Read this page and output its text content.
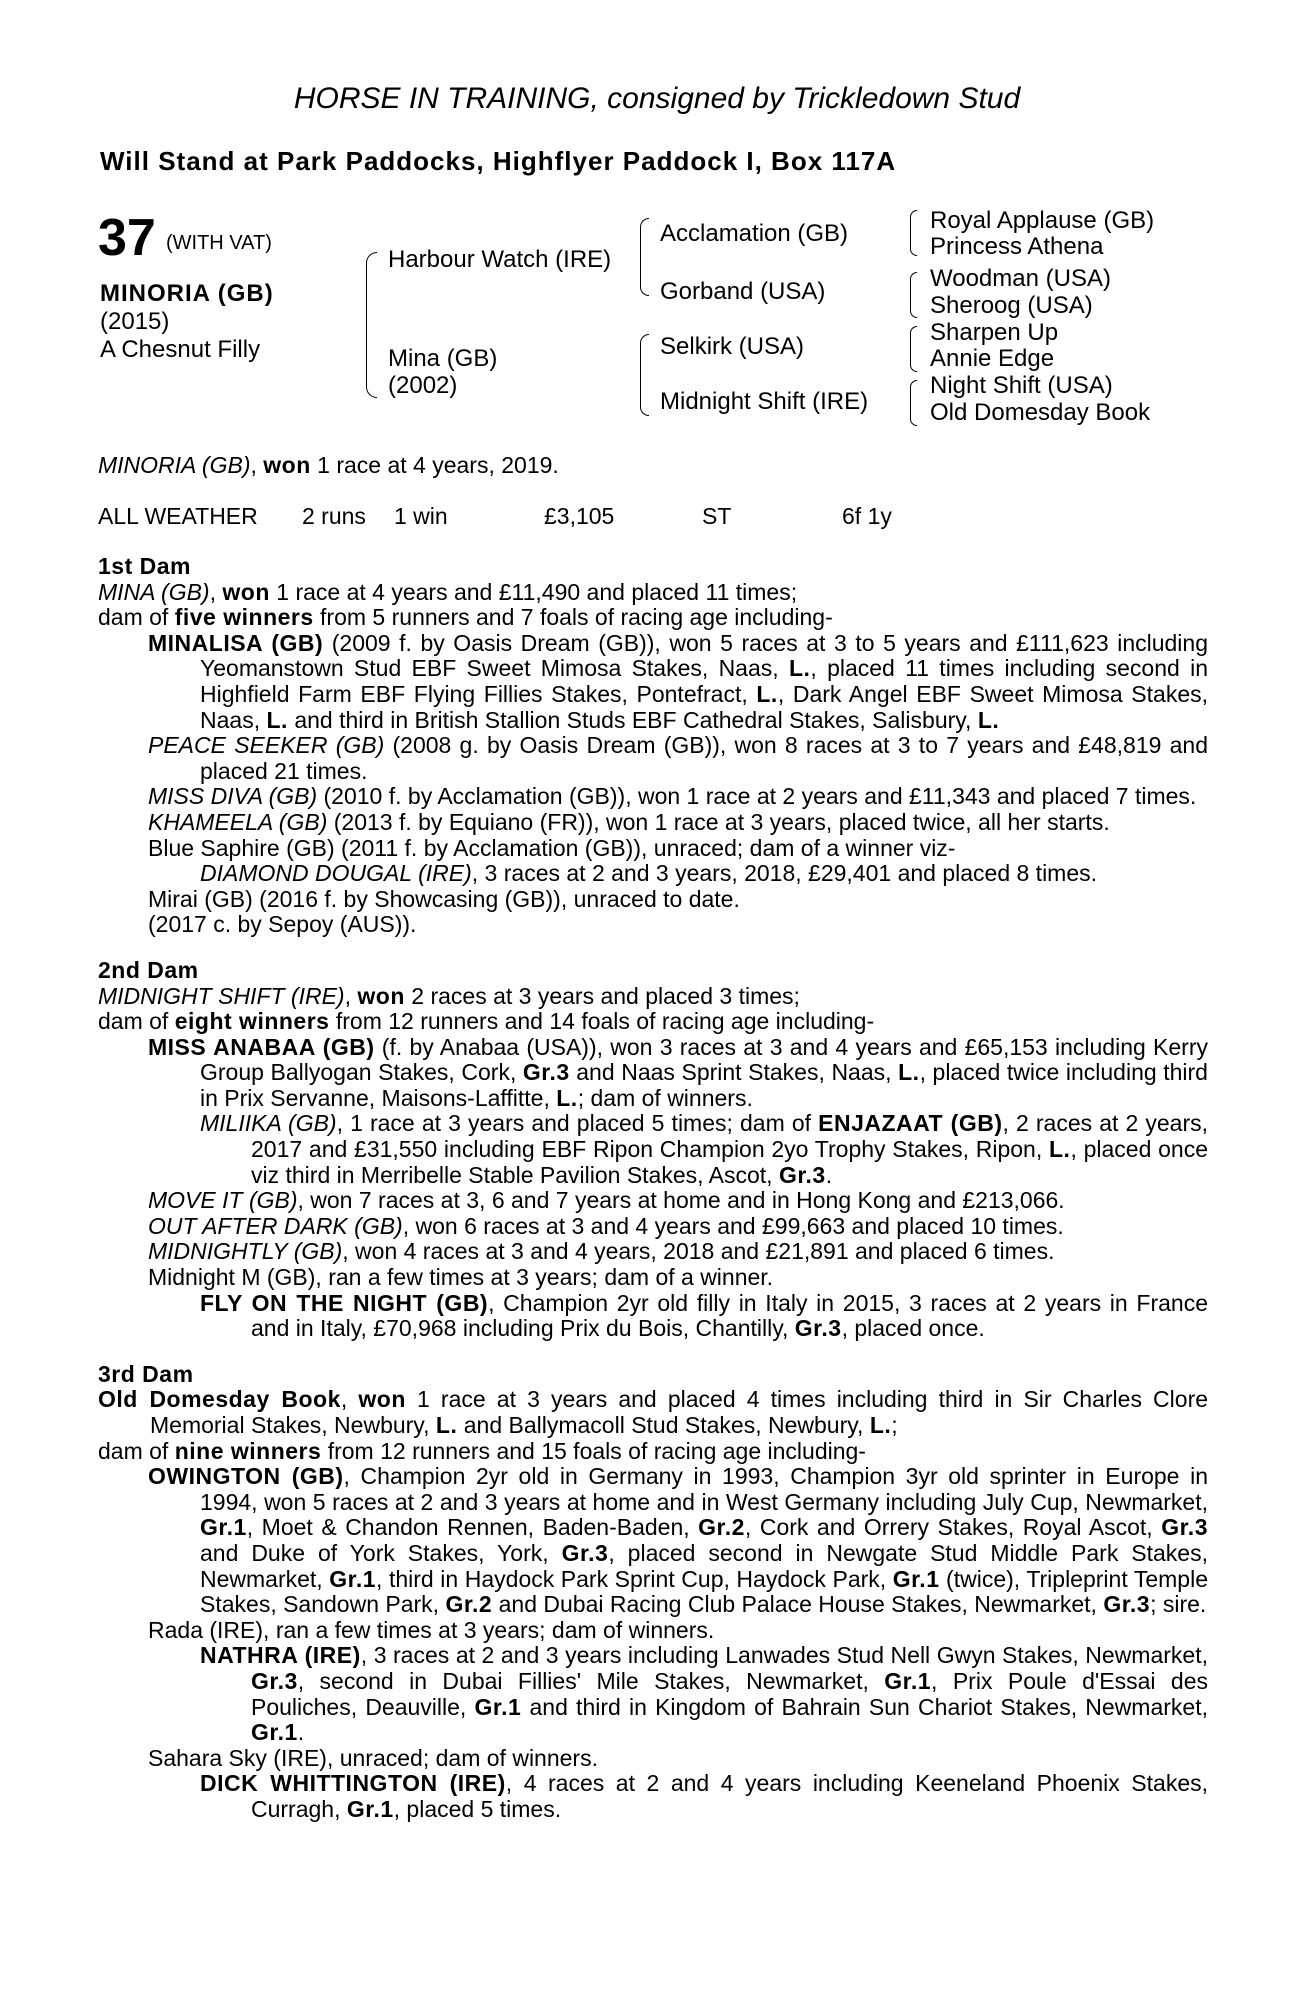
HORSE IN TRAINING, consigned by Trickledown Stud
Will Stand at Park Paddocks, Highflyer Paddock I, Box 117A
37 (WITH VAT)
MINORIA (GB)
(2015)
A Chesnut Filly
Harbour Watch (IRE)
Mina (GB)
(2002)
Acclamation (GB)
Gorband (USA)
Selkirk (USA)
Midnight Shift (IRE)
Royal Applause (GB)
Princess Athena
Woodman (USA)
Sheroog (USA)
Sharpen Up
Annie Edge
Night Shift (USA)
Old Domesday Book
MINORIA (GB), won 1 race at 4 years, 2019.
ALL WEATHER 2 runs 1 win	£3,105	ST	6f 1y

1st Dam

MINA (GB), won 1 race at 4 years and £11,490 and placed 11 times;

dam of five winners from 5 runners and 7 foals of racing age including-

MINALISA (GB) (2009 f. by Oasis Dream (GB)), won 5 races at 3 to 5 years and £111,623 including Yeomanstown Stud EBF Sweet Mimosa Stakes, Naas, L., placed 11 times including second in Highfield Farm EBF Flying Fillies Stakes, Pontefract, L., Dark Angel EBF Sweet Mimosa Stakes, Naas, L. and third in British Stallion Studs EBF Cathedral Stakes, Salisbury, L.

PEACE SEEKER (GB) (2008 g. by Oasis Dream (GB)), won 8 races at 3 to 7 years and £48,819 and placed 21 times.

MISS DIVA (GB) (2010 f. by Acclamation (GB)), won 1 race at 2 years and £11,343 and placed 7 times.

KHAMEELA (GB) (2013 f. by Equiano (FR)), won 1 race at 3 years, placed twice, all her starts.

Blue Saphire (GB) (2011 f. by Acclamation (GB)), unraced; dam of a winner viz-

DIAMOND DOUGAL (IRE), 3 races at 2 and 3 years, 2018, £29,401 and placed 8 times.

Mirai (GB) (2016 f. by Showcasing (GB)), unraced to date.

(2017 c. by Sepoy (AUS)).

2nd Dam

MIDNIGHT SHIFT (IRE), won 2 races at 3 years and placed 3 times;

dam of eight winners from 12 runners and 14 foals of racing age including-

MISS ANABAA (GB) (f. by Anabaa (USA)), won 3 races at 3 and 4 years and £65,153 including Kerry Group Ballyogan Stakes, Cork, Gr.3 and Naas Sprint Stakes, Naas, L., placed twice including third in Prix Servanne, Maisons-Laffitte, L.; dam of winners.

MILIIKA (GB), 1 race at 3 years and placed 5 times; dam of ENJAZAAT (GB), 2 races at 2 years, 2017 and £31,550 including EBF Ripon Champion 2yo Trophy Stakes, Ripon, L., placed once viz third in Merribelle Stable Pavilion Stakes, Ascot, Gr.3.

MOVE IT (GB), won 7 races at 3, 6 and 7 years at home and in Hong Kong and £213,066.

OUT AFTER DARK (GB), won 6 races at 3 and 4 years and £99,663 and placed 10 times.

MIDNIGHTLY (GB), won 4 races at 3 and 4 years, 2018 and £21,891 and placed 6 times.

Midnight M (GB), ran a few times at 3 years; dam of a winner.

FLY ON THE NIGHT (GB), Champion 2yr old filly in Italy in 2015, 3 races at 2 years in France and in Italy, £70,968 including Prix du Bois, Chantilly, Gr.3, placed once.

3rd Dam

Old Domesday Book, won 1 race at 3 years and placed 4 times including third in Sir Charles Clore Memorial Stakes, Newbury, L. and Ballymacoll Stud Stakes, Newbury, L.;

dam of nine winners from 12 runners and 15 foals of racing age including-

OWINGTON (GB), Champion 2yr old in Germany in 1993, Champion 3yr old sprinter in Europe in 1994, won 5 races at 2 and 3 years at home and in West Germany including July Cup, Newmarket, Gr.1, Moet & Chandon Rennen, Baden-Baden, Gr.2, Cork and Orrery Stakes, Royal Ascot, Gr.3 and Duke of York Stakes, York, Gr.3, placed second in Newgate Stud Middle Park Stakes, Newmarket, Gr.1, third in Haydock Park Sprint Cup, Haydock Park, Gr.1 (twice), Tripleprint Temple Stakes, Sandown Park, Gr.2 and Dubai Racing Club Palace House Stakes, Newmarket, Gr.3; sire.

Rada (IRE), ran a few times at 3 years; dam of winners.

NATHRA (IRE), 3 races at 2 and 3 years including Lanwades Stud Nell Gwyn Stakes, Newmarket, Gr.3, second in Dubai Fillies' Mile Stakes, Newmarket, Gr.1, Prix Poule d'Essai des Pouliches, Deauville, Gr.1 and third in Kingdom of Bahrain Sun Chariot Stakes, Newmarket, Gr.1.

Sahara Sky (IRE), unraced; dam of winners.

DICK WHITTINGTON (IRE), 4 races at 2 and 4 years including Keeneland Phoenix Stakes, Curragh, Gr.1, placed 5 times.
